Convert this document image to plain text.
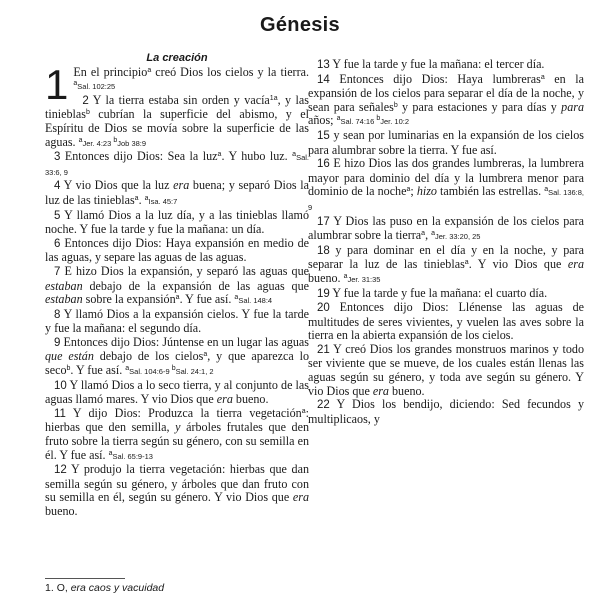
Génesis

La creación

1 En el principio$^a$ creó Dios los cielos y la tierra. $^a$Sal. 102:25

2 Y la tierra estaba sin orden y vacía$^{1a}$, y las tinieblas$^b$ cubrían la superficie del abismo, y el Espíritu de Dios se movía sobre la superficie de las aguas. $^a$Jer. 4:23 $^b$Job 38:9

3 Entonces dijo Dios: Sea la luz$^a$. Y hubo luz. $^a$Sal. 33:6, 9

4 Y vio Dios que la luz era buena; y separó Dios la luz de las tinieblas$^a$. $^a$Isa. 45:7

5 Y llamó Dios a la luz día, y a las tinieblas llamó noche. Y fue la tarde y fue la mañana: un día.

6 Entonces dijo Dios: Haya expansión en medio de las aguas, y separe las aguas de las aguas.

7 E hizo Dios la expansión, y separó las aguas que estaban debajo de la expansión de las aguas que estaban sobre la expansión$^a$. Y fue así. $^a$Sal. 148:4

8 Y llamó Dios a la expansión cielos. Y fue la tarde y fue la mañana: el segundo día.

9 Entonces dijo Dios: Júntense en un lugar las aguas que están debajo de los cielos$^a$, y que aparezca lo seco$^b$. Y fue así. $^a$Sal. 104:6-9 $^b$Sal. 24:1, 2

10 Y llamó Dios a lo seco tierra, y al conjunto de las aguas llamó mares. Y vio Dios que era bueno.

11 Y dijo Dios: Produzca la tierra vegetación$^a$: hierbas que den semilla, y árboles frutales que den fruto sobre la tierra según su género, con su semilla en él. Y fue así. $^a$Sal. 65:9-13

12 Y produjo la tierra vegetación: hierbas que dan semilla según su género, y árboles que dan fruto con su semilla en él, según su género. Y vio Dios que era bueno.

13 Y fue la tarde y fue la mañana: el tercer día.

14 Entonces dijo Dios: Haya lumbreras$^a$ en la expansión de los cielos para separar el día de la noche, y sean para señales$^b$ y para estaciones y para días y para años; $^a$Sal. 74:16 $^b$Jer. 10:2

15 y sean por luminarias en la expansión de los cielos para alumbrar sobre la tierra. Y fue así.

16 E hizo Dios las dos grandes lumbreras, la lumbrera mayor para dominio del día y la lumbrera menor para dominio de la noche$^a$; hizo también las estrellas. $^a$Sal. 136:8, 9

17 Y Dios las puso en la expansión de los cielos para alumbrar sobre la tierra$^a$, $^a$Jer. 33:20, 25

18 y para dominar en el día y en la noche, y para separar la luz de las tinieblas$^a$. Y vio Dios que era bueno. $^a$Jer. 31:35

19 Y fue la tarde y fue la mañana: el cuarto día.

20 Entonces dijo Dios: Llénense las aguas de multitudes de seres vivientes, y vuelen las aves sobre la tierra en la abierta expansión de los cielos.

21 Y creó Dios los grandes monstruos marinos y todo ser viviente que se mueve, de los cuales están llenas las aguas según su género, y toda ave según su género. Y vio Dios que era bueno.

22 Y Dios los bendijo, diciendo: Sed fecundos y multiplicaos, y

1. O, era caos y vacuidad
